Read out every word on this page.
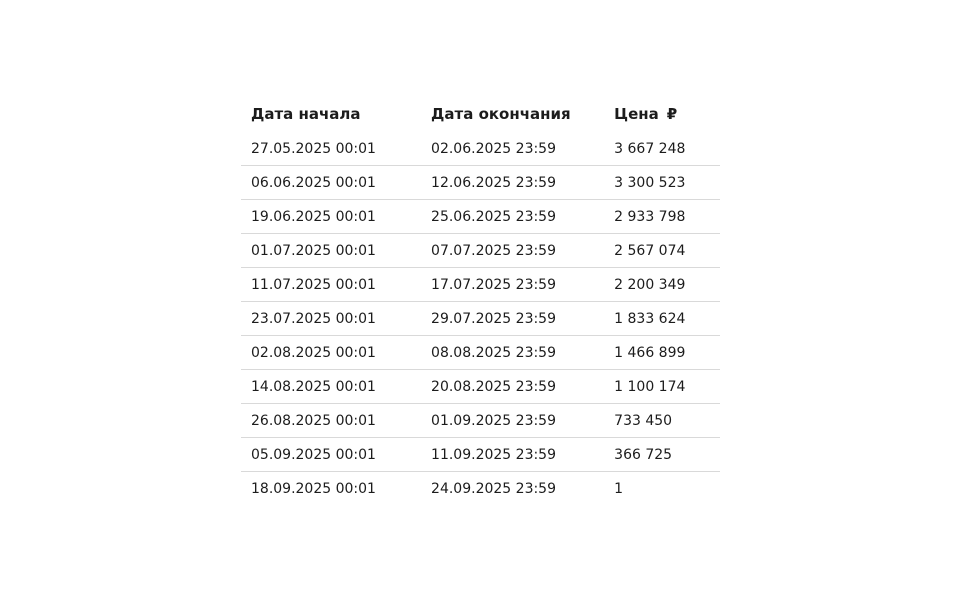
Дата начала	Дата окончания	Цена ₽
27.05.2025 00:01	02.06.2025 23:59	3 667 248
06.06.2025 00:01	12.06.2025 23:59	3 300 523
19.06.2025 00:01	25.06.2025 23:59	2 933 798
01.07.2025 00:01	07.07.2025 23:59	2 567 074
11.07.2025 00:01	17.07.2025 23:59	2 200 349
23.07.2025 00:01	29.07.2025 23:59	1 833 624
02.08.2025 00:01	08.08.2025 23:59	1 466 899
14.08.2025 00:01	20.08.2025 23:59	1 100 174
26.08.2025 00:01	01.09.2025 23:59	733 450
05.09.2025 00:01	11.09.2025 23:59	366 725
18.09.2025 00:01	24.09.2025 23:59	1
